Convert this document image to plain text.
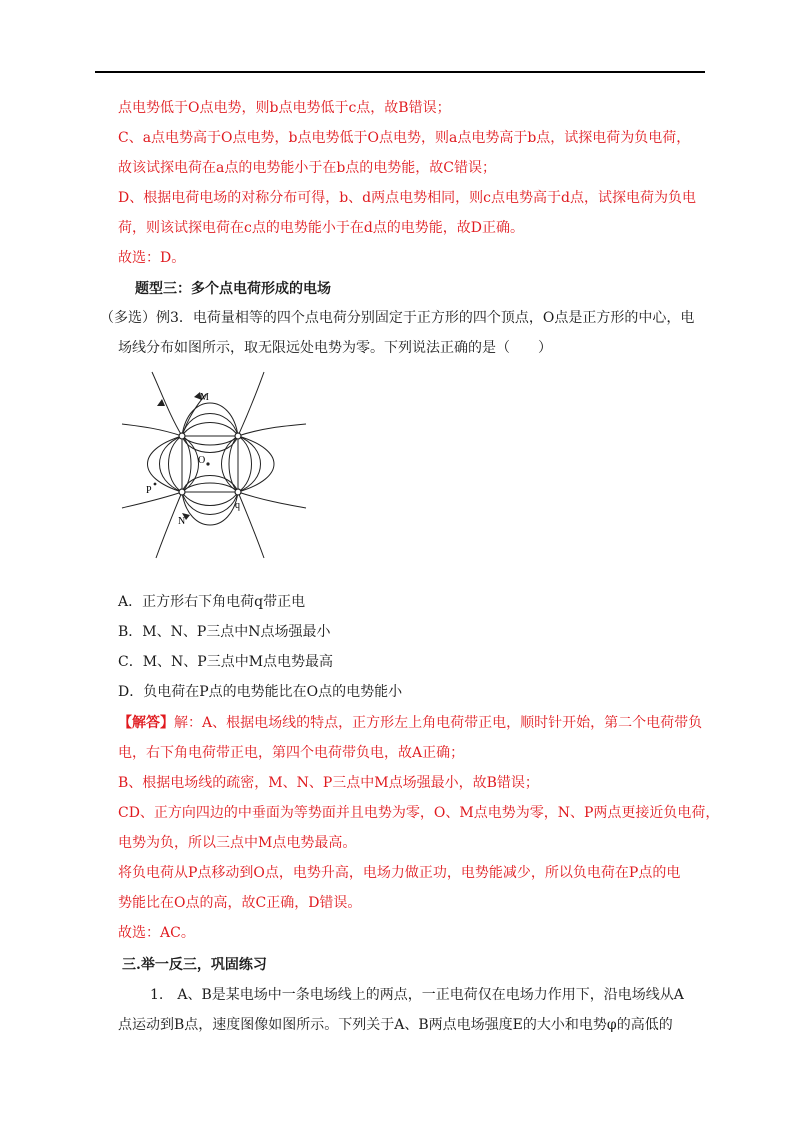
点电势低于O点电势，则b点电势低于c点，故B错误；
C、a点电势高于O点电势，b点电势低于O点电势，则a点电势高于b点，试探电荷为负电荷，
故该试探电荷在a点的电势能小于在b点的电势能，故C错误；
D、根据电荷电场的对称分布可得，b、d两点电势相同，则c点电势高于d点，试探电荷为负电
荷，则该试探电荷在c点的电势能小于在d点的电势能，故D正确。
故选：D。
题型三：多个点电荷形成的电场
（多选）例3．电荷量相等的四个点电荷分别固定于正方形的四个顶点，O点是正方形的中心，电
场线分布如图所示，取无限远处电势为零。下列说法正确的是（　　）
M
O
P
N
q
A．正方形右下角电荷q带正电
B．M、N、P三点中N点场强最小
C．M、N、P三点中M点电势最高
D．负电荷在P点的电势能比在O点的电势能小
【解答】解：A、根据电场线的特点，正方形左上角电荷带正电，顺时针开始，第二个电荷带负
电，右下角电荷带正电，第四个电荷带负电，故A正确；
B、根据电场线的疏密，M、N、P三点中M点场强最小，故B错误；
CD、正方向四边的中垂面为等势面并且电势为零，O、M点电势为零，N、P两点更接近负电荷，
电势为负，所以三点中M点电势最高。
将负电荷从P点移动到O点，电势升高，电场力做正功，电势能减少，所以负电荷在P点的电
势能比在O点的高，故C正确，D错误。
故选：AC。
三.举一反三，巩固练习
1.　A、B是某电场中一条电场线上的两点，一正电荷仅在电场力作用下，沿电场线从A
点运动到B点，速度图像如图所示。下列关于A、B两点电场强度E的大小和电势φ的高低的
